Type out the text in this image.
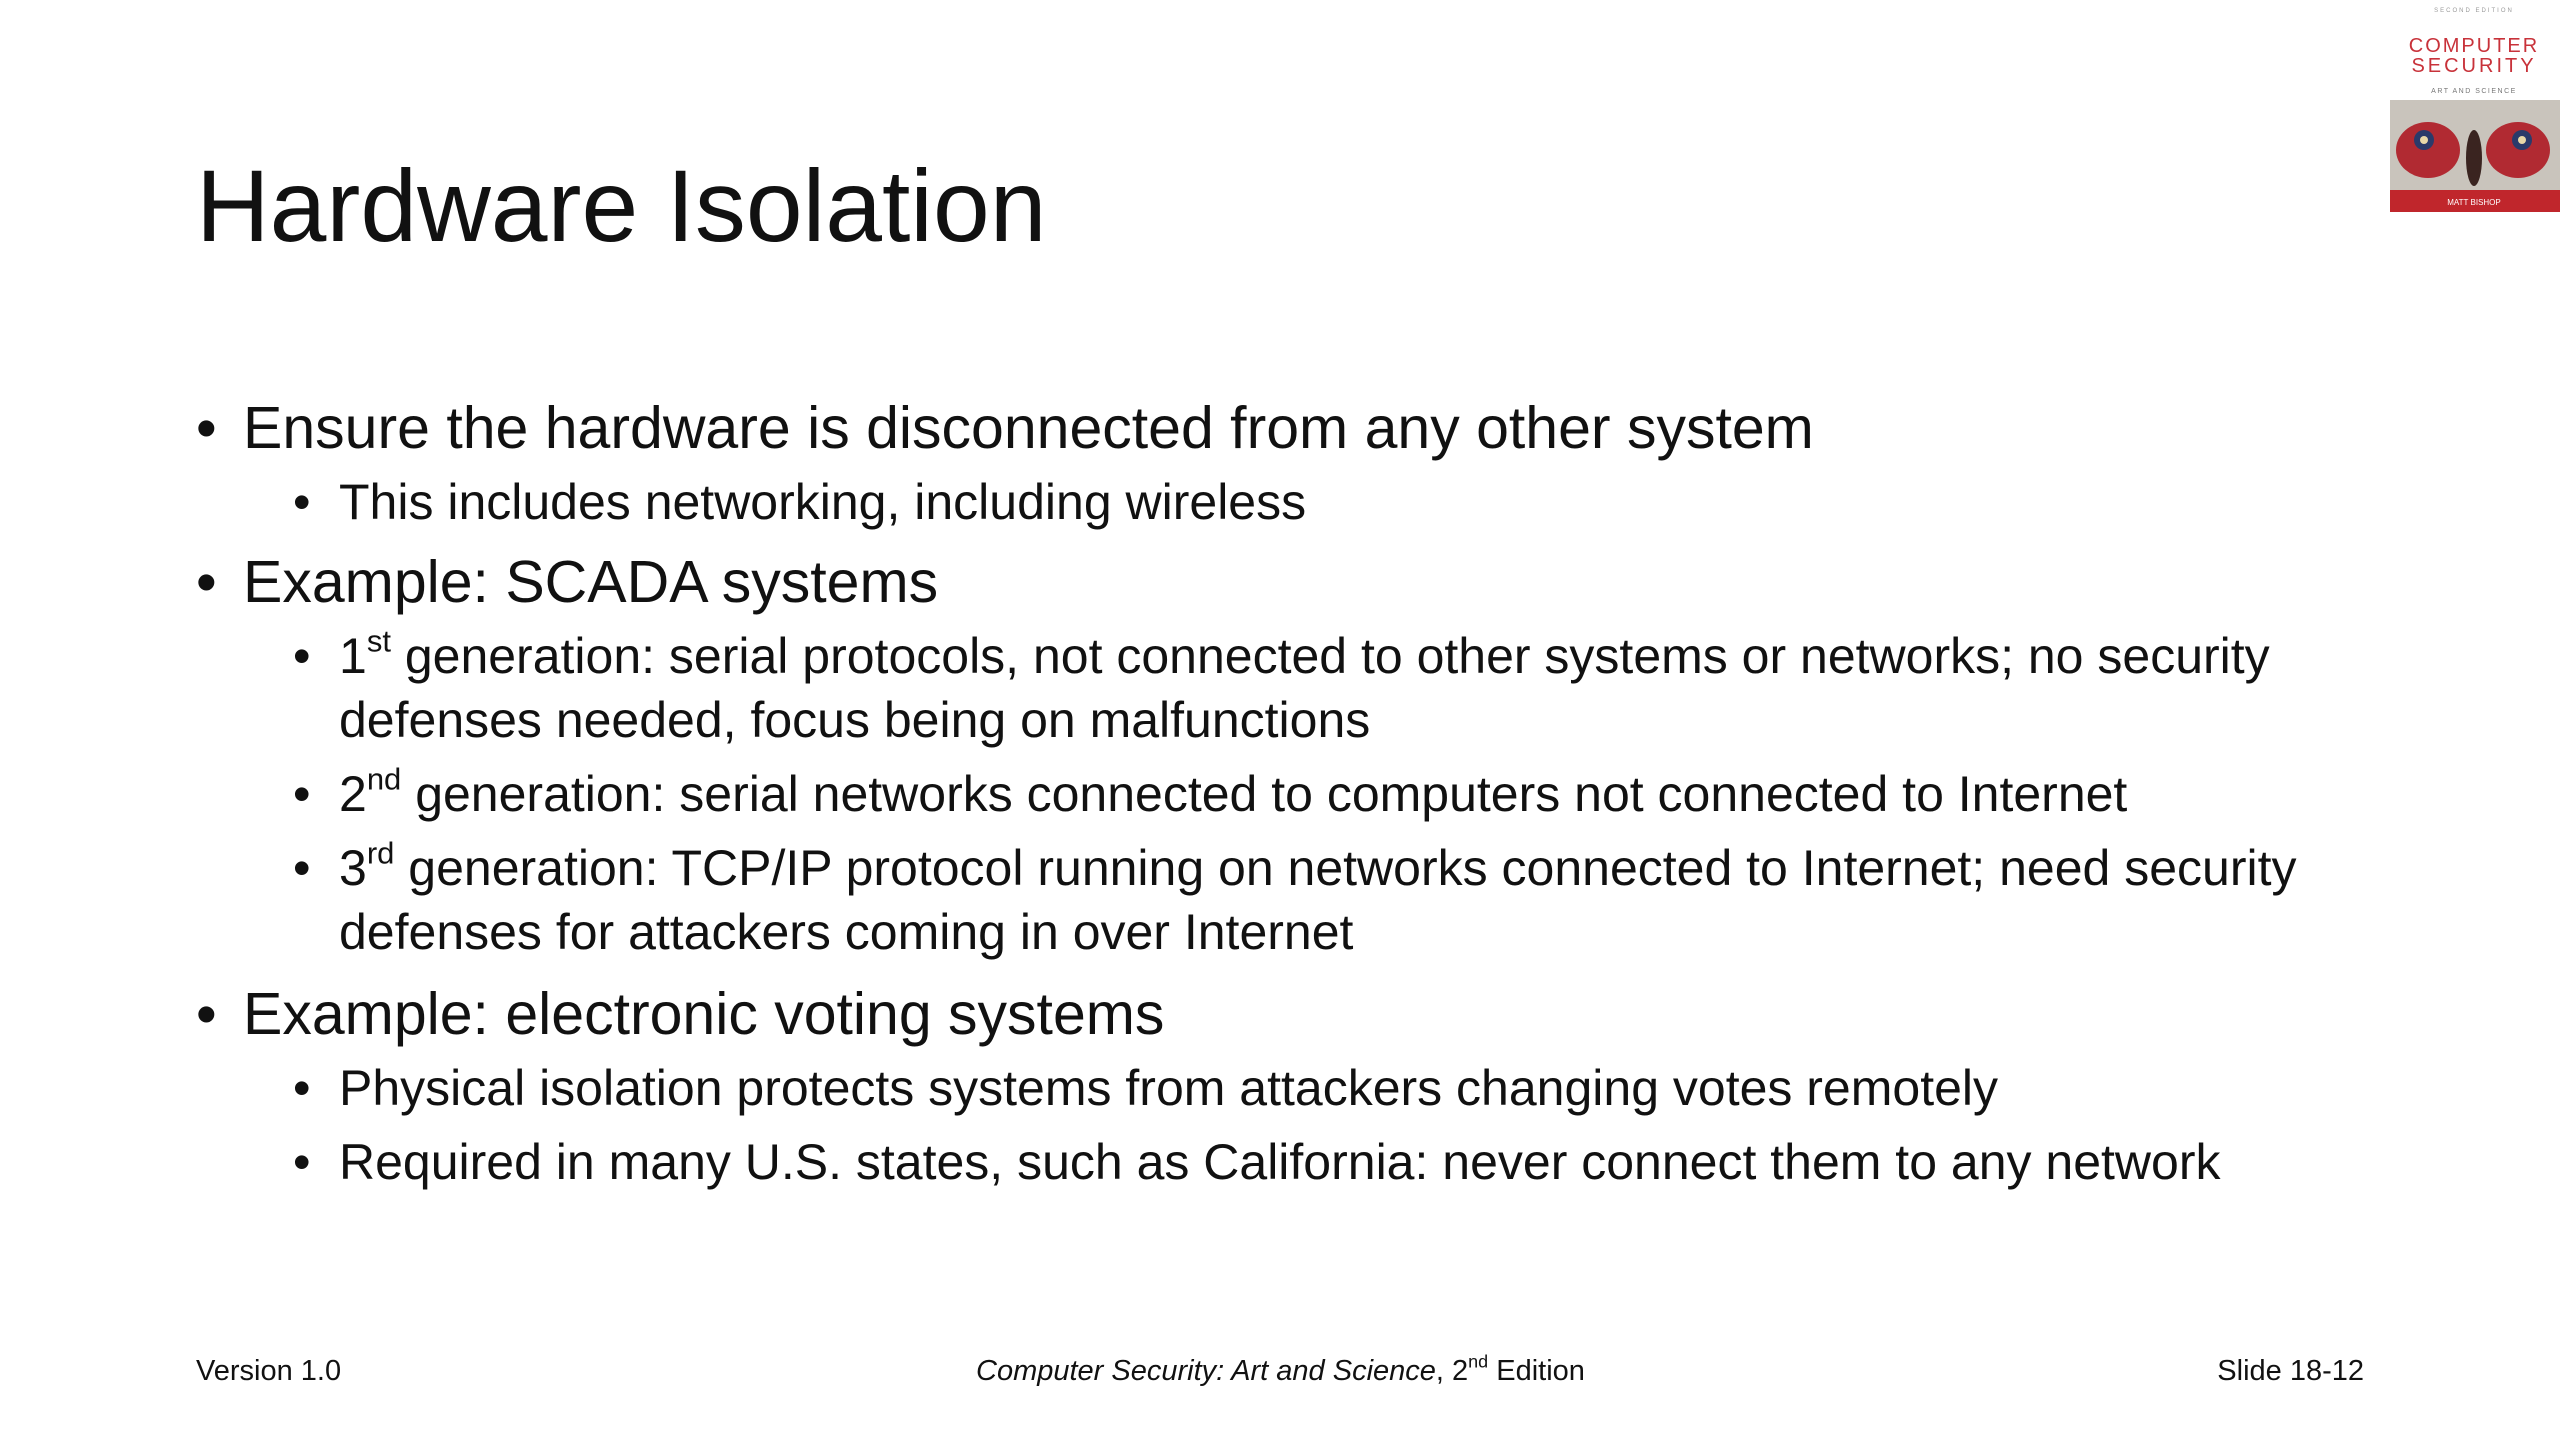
Hardware Isolation
SECOND EDITION
COMPUTER
SECURITY
ART AND SCIENCE
MATT BISHOP
• Ensure the hardware is disconnected from any other system
• This includes networking, including wireless
• Example: SCADA systems
• 1st generation: serial protocols, not connected to other systems or networks; no security defenses needed, focus being on malfunctions
• 2nd generation: serial networks connected to computers not connected to Internet
• 3rd generation: TCP/IP protocol running on networks connected to Internet; need security defenses for attackers coming in over Internet
• Example: electronic voting systems
• Physical isolation protects systems from attackers changing votes remotely
• Required in many U.S. states, such as California: never connect them to any network
Version 1.0	Computer Security: Art and Science, 2nd Edition	Slide 18-12
